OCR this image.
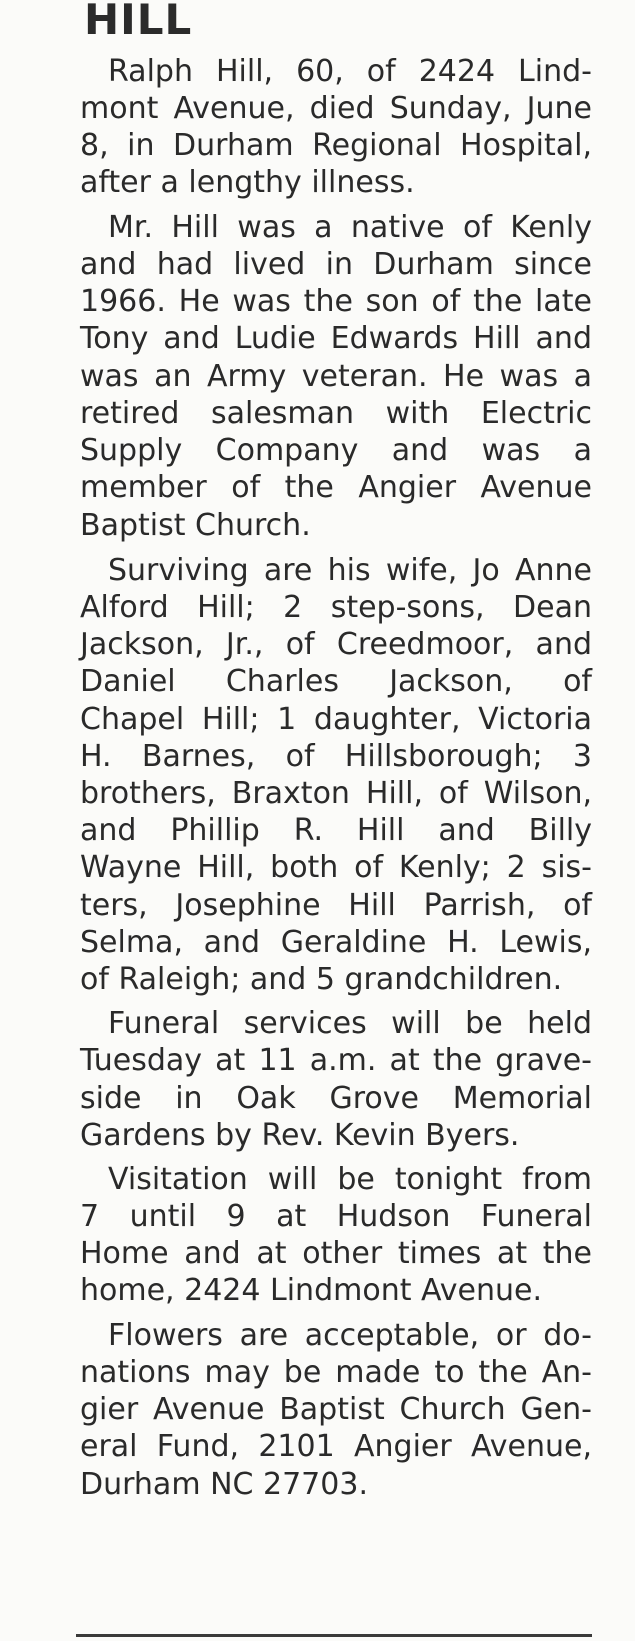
HILL
Ralph Hill, 60, of 2424 Lind-
mont Avenue, died Sunday, June
8, in Durham Regional Hospital,
after a lengthy illness.
Mr. Hill was a native of Kenly
and had lived in Durham since
1966. He was the son of the late
Tony and Ludie Edwards Hill and
was an Army veteran. He was a
retired salesman with Electric
Supply Company and was a
member of the Angier Avenue
Baptist Church.
Surviving are his wife, Jo Anne
Alford Hill; 2 step-sons, Dean
Jackson, Jr., of Creedmoor, and
Daniel Charles Jackson, of
Chapel Hill; 1 daughter, Victoria
H. Barnes, of Hillsborough; 3
brothers, Braxton Hill, of Wilson,
and Phillip R. Hill and Billy
Wayne Hill, both of Kenly; 2 sis-
ters, Josephine Hill Parrish, of
Selma, and Geraldine H. Lewis,
of Raleigh; and 5 grandchildren.
Funeral services will be held
Tuesday at 11 a.m. at the grave-
side in Oak Grove Memorial
Gardens by Rev. Kevin Byers.
Visitation will be tonight from
7 until 9 at Hudson Funeral
Home and at other times at the
home, 2424 Lindmont Avenue.
Flowers are acceptable, or do-
nations may be made to the An-
gier Avenue Baptist Church Gen-
eral Fund, 2101 Angier Avenue,
Durham NC 27703.
